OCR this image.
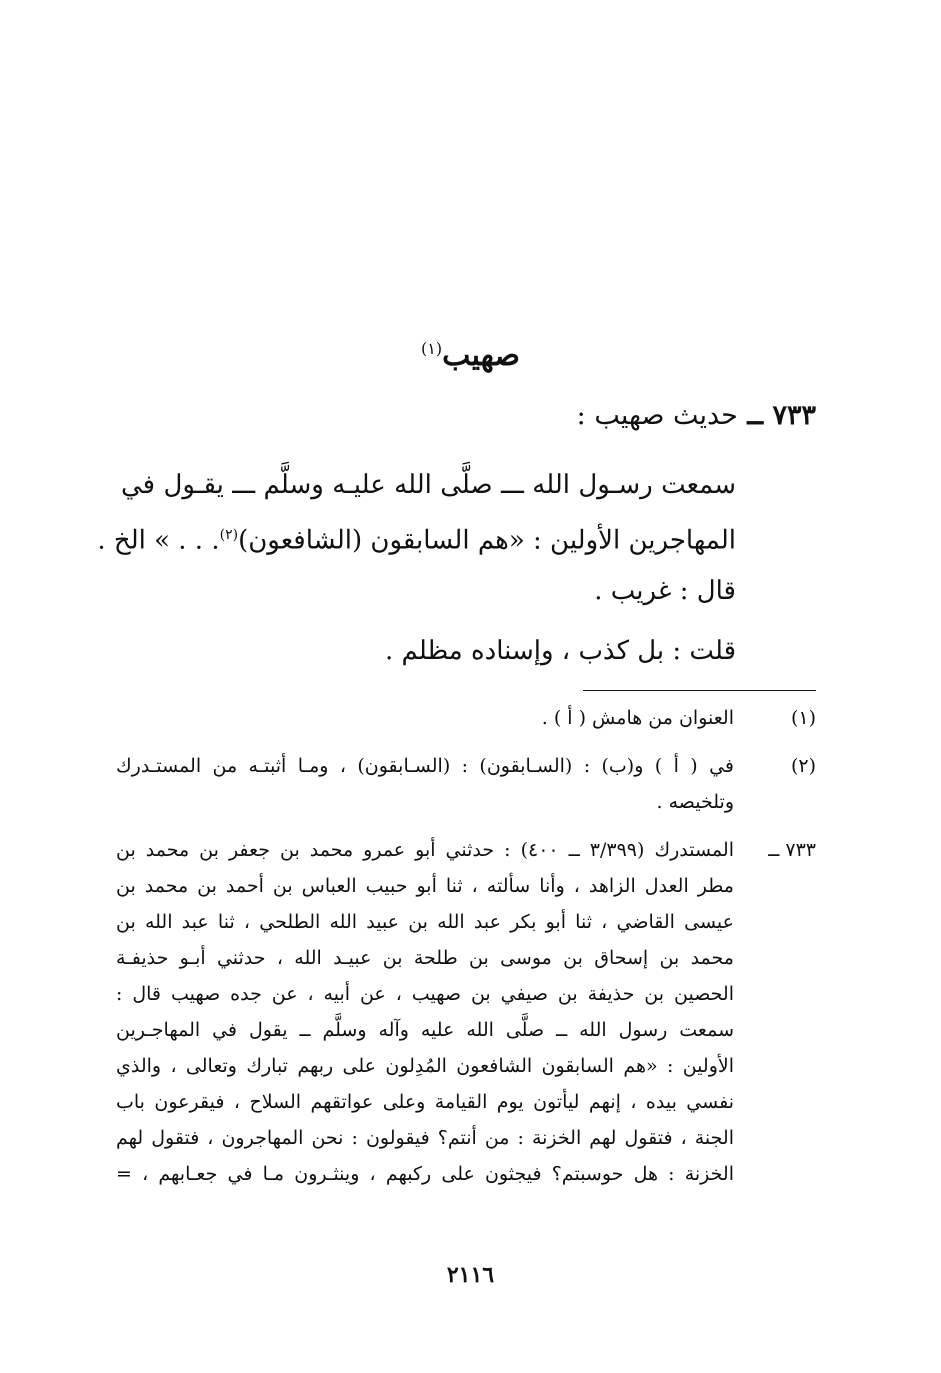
صهيب$^{(١)}$
٧٣٣ ــ حديث صهيب :
سمعت رسـول الله ـــ صلَّى الله عليـه وسلَّم ـــ يقـول في
المهاجرين الأولين : «هم السابقون (الشافعون)$^{(٢)}$. . . » الخ .
قال : غريب .
قلت : بل كذب ، وإسناده مظلم .
(١)
العنوان من هامش ( أ ) .
(٢)
في ( أ ) و(ب) : (السـابقون) : (السـابقون) ، ومـا أثبتـه من المستـدرك
وتلخيصه .
٧٣٣ ــ
المستدرك (٣/٣٩٩ ــ ٤٠٠) : حدثني أبو عمرو محمد بن جعفر بن محمد بن
مطر العدل الزاهد ، وأنا سألته ، ثنا أبو حبيب العباس بن أحمد بن محمد بن
عيسى القاضي ، ثنا أبو بكر عبد الله بن عبيد الله الطلحي ، ثنا عبد الله بن
محمد بن إسحاق بن موسى بن طلحة بن عبيـد الله ، حدثني أبـو حذيفـة
الحصين بن حذيفة بن صيفي بن صهيب ، عن أبيه ، عن جده صهيب قال :
سمعت رسول الله ــ صلَّى الله عليه وآله وسلَّم ــ يقول في المهاجـرين
الأولين : «هم السابقون الشافعون المُدِلون على ربهم تبارك وتعالى ، والذي
نفسي بيده ، إنهم ليأتون يوم القيامة وعلى عواتقهم السلاح ، فيقرعون باب
الجنة ، فتقول لهم الخزنة : من أنتم؟ فيقولون : نحن المهاجرون ، فتقول لهم
الخزنة : هل حوسبتم؟ فيجثون على ركبهم ، وينثـرون مـا في جعـابهم ، =
٢١١٦
